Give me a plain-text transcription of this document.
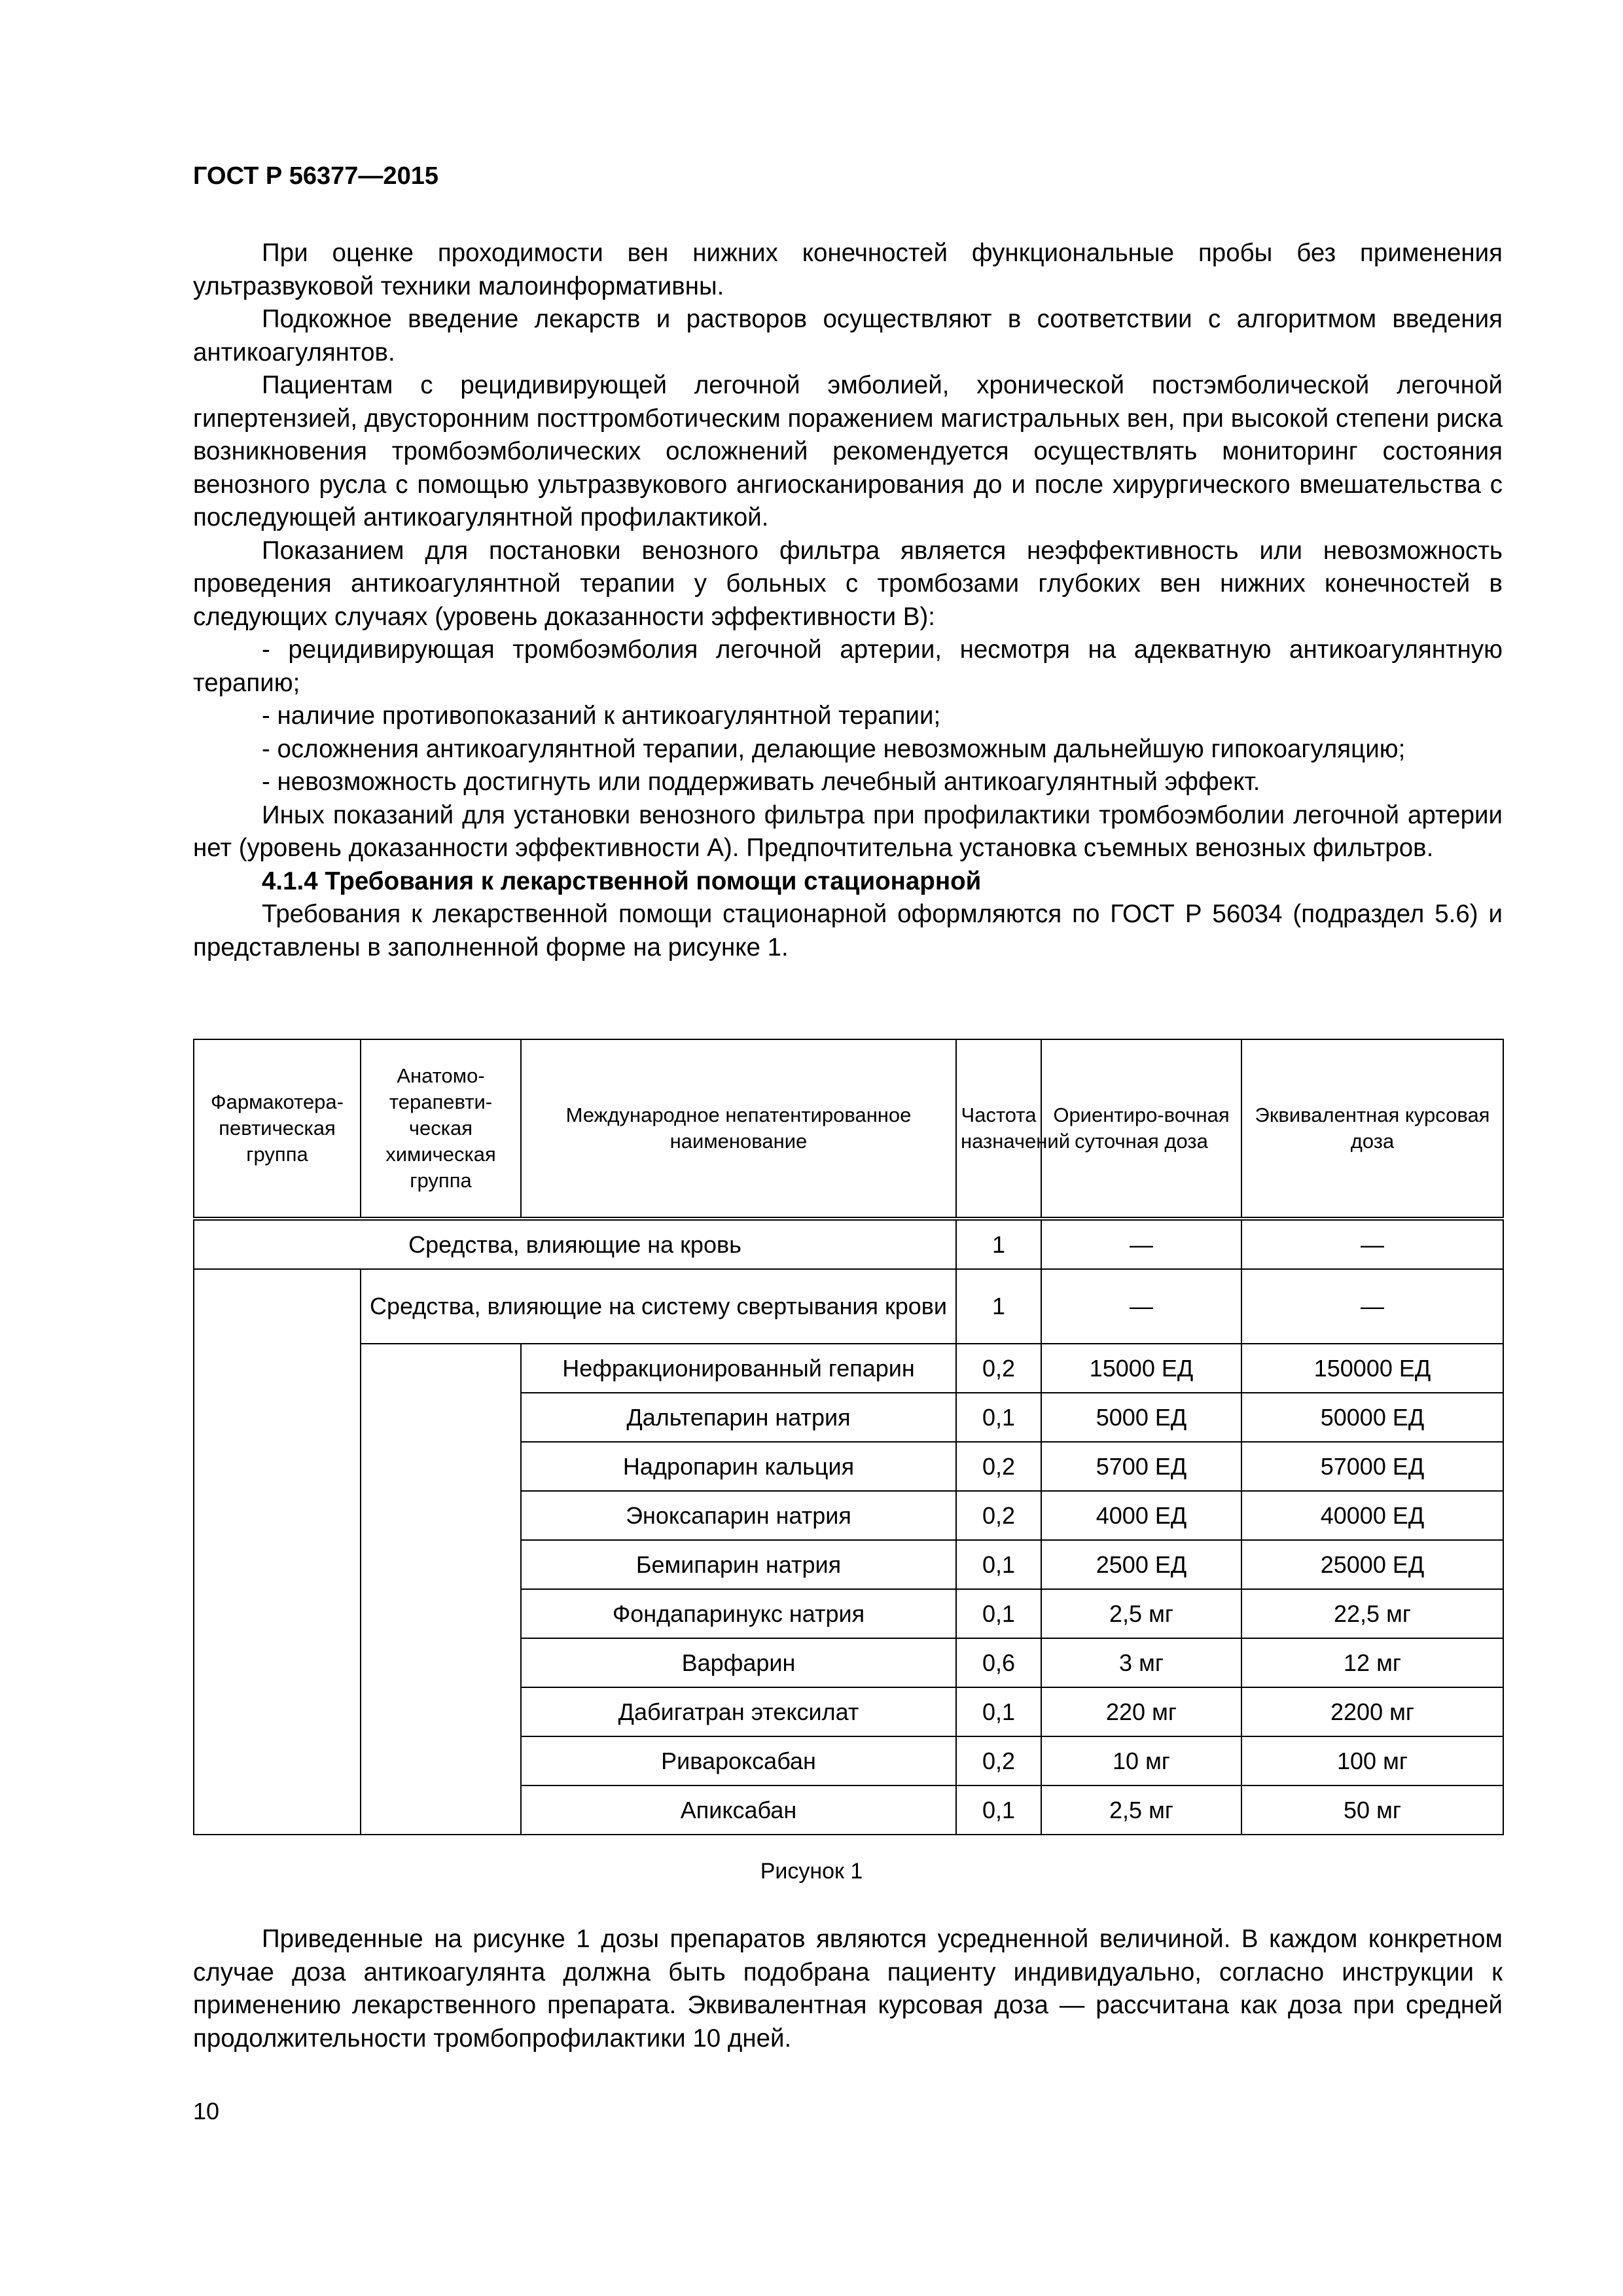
ГОСТ Р 56377—2015

При оценке проходимости вен нижних конечностей функциональные пробы без применения ультразвуковой техники малоинформативны.

Подкожное введение лекарств и растворов осуществляют в соответствии с алгоритмом введения антикоагулянтов.

Пациентам с рецидивирующей легочной эмболией, хронической постэмболической легочной гипертензией, двусторонним посттромботическим поражением магистральных вен, при высокой степени риска возникновения тромбоэмболических осложнений рекомендуется осуществлять мониторинг состояния венозного русла с помощью ультразвукового ангиосканирования до и после хирургического вмешательства с последующей антикоагулянтной профилактикой.

Показанием для постановки венозного фильтра является неэффективность или невозможность проведения антикоагулянтной терапии у больных с тромбозами глубоких вен нижних конечностей в следующих случаях (уровень доказанности эффективности В):

- рецидивирующая тромбоэмболия легочной артерии, несмотря на адекватную антикоагулянтную терапию;

- наличие противопоказаний к антикоагулянтной терапии;

- осложнения антикоагулянтной терапии, делающие невозможным дальнейшую гипокоагуляцию;

- невозможность достигнуть или поддерживать лечебный антикоагулянтный эффект.

Иных показаний для установки венозного фильтра при профилактики тромбоэмболии легочной артерии нет (уровень доказанности эффективности А). Предпочтительна установка съемных венозных фильтров.

4.1.4 Требования к лекарственной помощи стационарной

Требования к лекарственной помощи стационарной оформляются по ГОСТ Р 56034 (подраздел 5.6) и представлены в заполненной форме на рисунке 1.

Фармакотера-певтическая группа	Анатомо-терапевти-ческая химическая группа	Международное непатентированное наименование	Частота назначений	Ориентиро-вочная суточная доза	Эквивалентная курсовая доза
Средства, влияющие на кровь			1	—	—
	Средства, влияющие на систему свертывания крови		1	—	—
		Нефракционированный гепарин	0,2	15000 ЕД	150000 ЕД
		Дальтепарин натрия	0,1	5000 ЕД	50000 ЕД
		Надропарин кальция	0,2	5700 ЕД	57000 ЕД
		Эноксапарин натрия	0,2	4000 ЕД	40000 ЕД
		Бемипарин натрия	0,1	2500 ЕД	25000 ЕД
		Фондапаринукс натрия	0,1	2,5 мг	22,5 мг
		Варфарин	0,6	3 мг	12 мг
		Дабигатран этексилат	0,1	220 мг	2200 мг
		Ривароксабан	0,2	10 мг	100 мг
		Апиксабан	0,1	2,5 мг	50 мг
Рисунок 1

Приведенные на рисунке 1 дозы препаратов являются усредненной величиной. В каждом конкретном случае доза антикоагулянта должна быть подобрана пациенту индивидуально, согласно инструкции к применению лекарственного препарата. Эквивалентная курсовая доза — рассчитана как доза при средней продолжительности тромбопрофилактики 10 дней.

10
